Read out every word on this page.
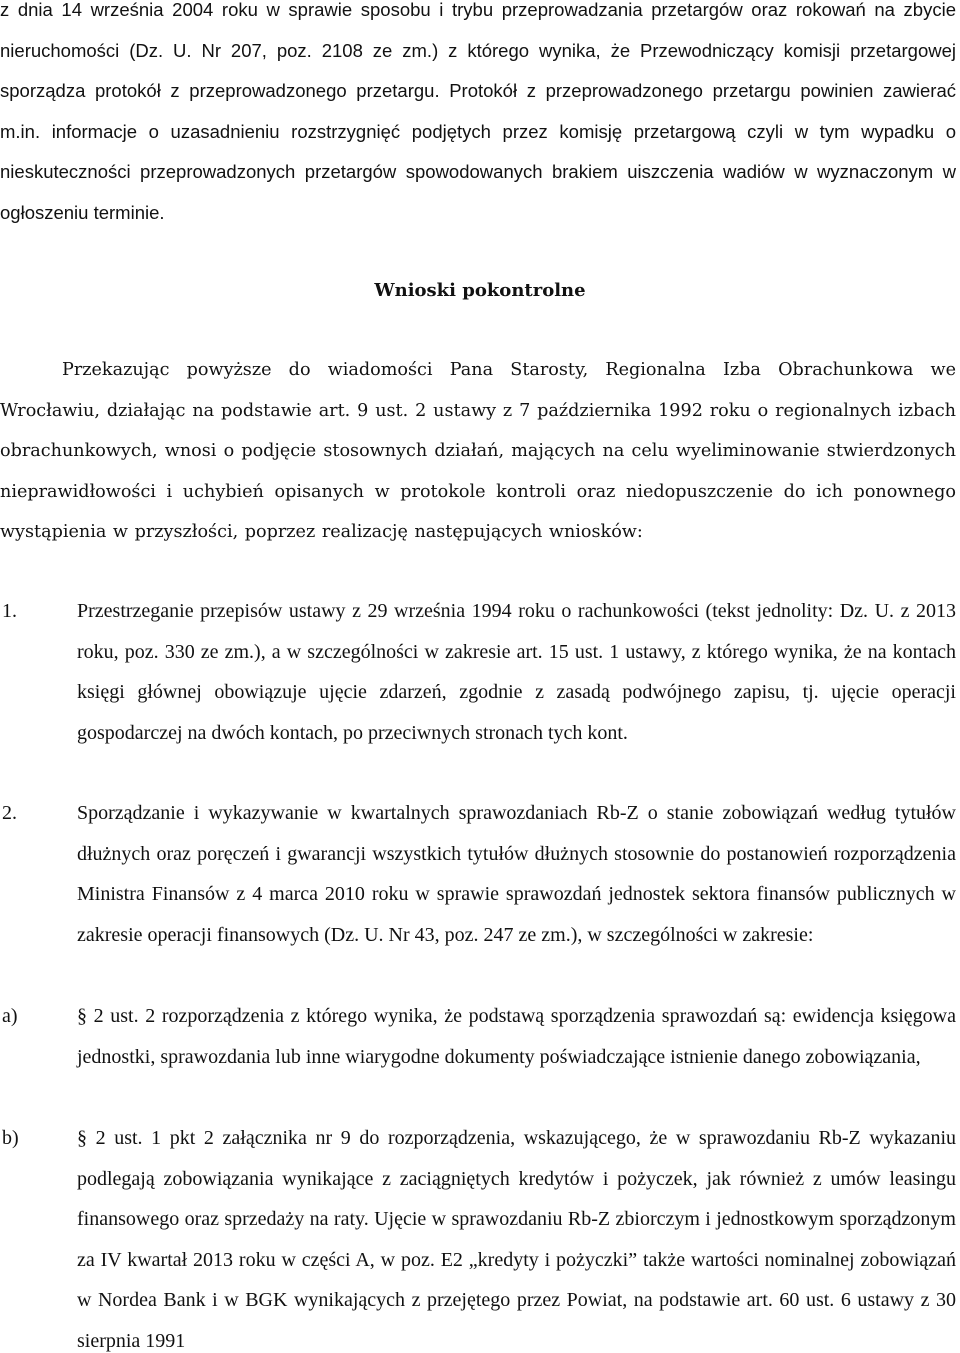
z dnia 14 września 2004 roku w sprawie sposobu i trybu przeprowadzania przetargów oraz rokowań na zbycie nieruchomości (Dz. U. Nr 207, poz. 2108 ze zm.) z którego wynika, że Przewodniczący komisji przetargowej sporządza protokół z przeprowadzonego przetargu. Protokół z przeprowadzonego przetargu powinien zawierać m.in. informacje o uzasadnieniu rozstrzygnięć podjętych przez komisję przetargową czyli w tym wypadku o nieskuteczności przeprowadzonych przetargów spowodowanych brakiem uiszczenia wadiów w wyznaczonym w ogłoszeniu terminie.

Wnioski pokontrolne

Przekazując powyższe do wiadomości Pana Starosty, Regionalna Izba Obrachunkowa we Wrocławiu, działając na podstawie art. 9 ust. 2 ustawy z 7 października 1992 roku o regionalnych izbach obrachunkowych, wnosi o podjęcie stosownych działań, mających na celu wyeliminowanie stwierdzonych nieprawidłowości i uchybień opisanych w protokole kontroli oraz niedopuszczenie do ich ponownego wystąpienia w przyszłości, poprzez realizację następujących wniosków:

1.	Przestrzeganie przepisów ustawy z 29 września 1994 roku o rachunkowości (tekst jednolity: Dz. U. z 2013 roku, poz. 330 ze zm.), a w szczególności w zakresie art. 15 ust. 1 ustawy, z którego wynika, że na kontach księgi głównej obowiązuje ujęcie zdarzeń, zgodnie z zasadą podwójnego zapisu, tj. ujęcie operacji gospodarczej na dwóch kontach, po przeciwnych stronach tych kont.

2.	Sporządzanie i wykazywanie w kwartalnych sprawozdaniach Rb-Z o stanie zobowiązań według tytułów dłużnych oraz poręczeń i gwarancji wszystkich tytułów dłużnych stosownie do postanowień rozporządzenia Ministra Finansów z 4 marca 2010 roku w sprawie sprawozdań jednostek sektora finansów publicznych w zakresie operacji finansowych (Dz. U. Nr 43, poz. 247 ze zm.), w szczególności w zakresie:

a)	§ 2 ust. 2 rozporządzenia z którego wynika, że podstawą sporządzenia sprawozdań są: ewidencja księgowa jednostki, sprawozdania lub inne wiarygodne dokumenty poświadczające istnienie danego zobowiązania,

b)	§ 2 ust. 1 pkt 2 załącznika nr 9 do rozporządzenia, wskazującego, że w sprawozdaniu Rb-Z wykazaniu podlegają zobowiązania wynikające z zaciągniętych kredytów i pożyczek, jak również z umów leasingu finansowego oraz sprzedaży na raty. Ujęcie w sprawozdaniu Rb-Z zbiorczym i jednostkowym sporządzonym za IV kwartał 2013 roku w części A, w poz. E2 „kredyty i pożyczki” także wartości nominalnej zobowiązań w Nordea Bank i w BGK wynikających z przejętego przez Powiat, na podstawie art. 60 ust. 6 ustawy z 30 sierpnia 1991
